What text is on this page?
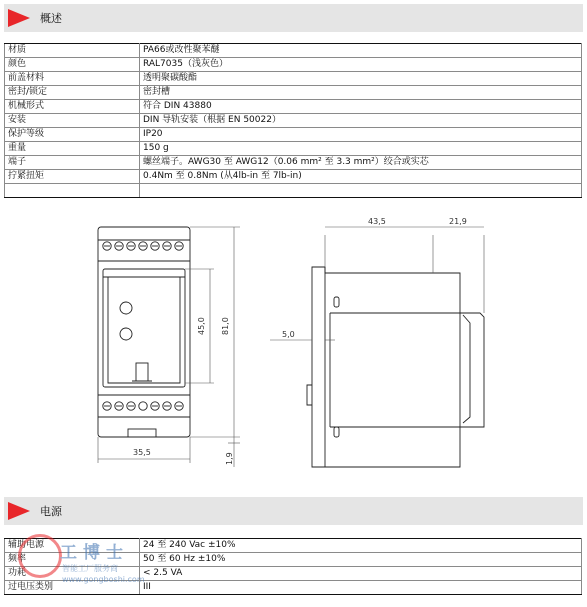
概述
材质	PA66或改性聚苯醚
颜色	RAL7035（浅灰色）
前盖材料	透明聚碳酸酯
密封/锁定	密封槽
机械形式	符合 DIN 43880
安装	DIN 导轨安装（根据 EN 50022）
保护等级	IP20
重量	150 g
端子	螺丝端子。AWG30 至 AWG12（0.06 mm² 至 3.3 mm²）绞合或实芯
拧紧扭矩	0.4Nm 至 0.8Nm (从4lb-in 至 7lb-in)

35,5
81,0
45,0
1,9
43,5	21,9
5,0
电源
辅助电源	24 至 240 Vac ±10%
频率	50 至 60 Hz ±10%
功耗	< 2.5 VA
过电压类别	III
工博士
智能工厂服务商
www.gongboshi.com
